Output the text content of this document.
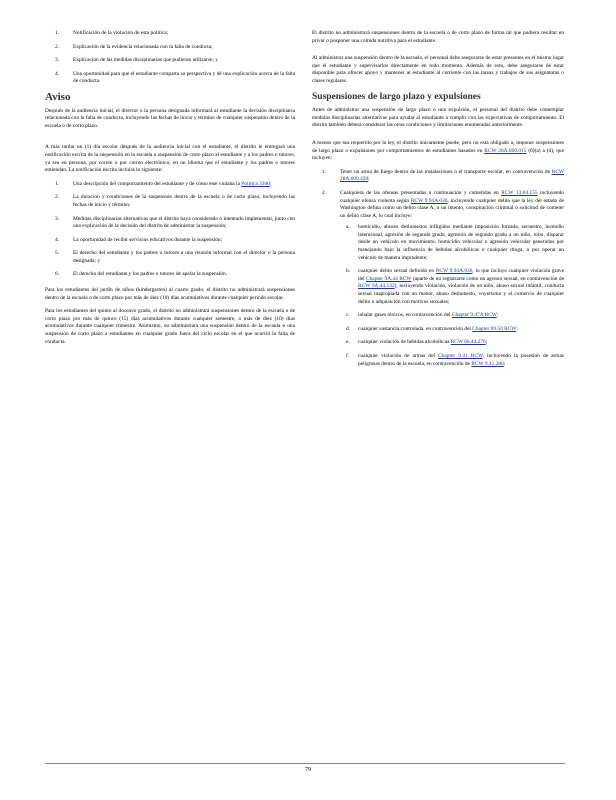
1.	Notificación de la violación de esta política;
2.	Explicación de la evidencia relacionada con la falta de conducta;
3.	Explicación de las medidas disciplinarias que pudieran utilizarse; y
4.	Una oportunidad para que el estudiante comparta su perspectiva y dé una explicación acerca de la falta de conducta.
Aviso

Después de la audiencia inicial, el director o la persona designada informará al estudiante la decisión disciplinaria relacionada con la falta de conducta, incluyendo las fechas de inicio y término de cualquier suspensión dentro de la escuela o de corto plazo.

A más tardar un (1) día escolar después de la audiencia inicial con el estudiante, el distrito le entregará una notificación escrita de la suspensión en la escuela o suspensión de corto plazo al estudiante y a los padres o tutores, ya sea en persona, por correo o por correo electrónico, en un idioma que el estudiante y los padres o tutores entiendan. La notificación escrita incluirá lo siguiente:

1.	Una descripción del comportamiento del estudiante y de cómo este violaba la Política 3300;
2.	La duración y condiciones de la suspensión dentro de la escuela o de corto plazo, incluyendo las fechas de inicio y término;
3.	Medidas disciplinarias alternativas que el distrito haya considerado o intentado implementar, junto con una explicación de la decisión del distrito de administrar la suspensión;
4.	La oportunidad de recibir servicios educativos durante la suspensión;
5.	El derecho del estudiante y los padres o tutores a una reunión informal con el director o la persona designada; y
6.	El derecho del estudiante y los padres o tutores de apelar la suspensión.

Para los estudiantes del jardín de niños (kindergarten) al cuarto grado, el distrito no administrará suspensiones dentro de la escuela o de corto plazo por más de diez (10) días acumulativos durante cualquier periodo escolar.

Para los estudiantes del quinto al doceavo grado, el distrito no administrará suspensiones dentro de la escuela o de corto plazo por más de quince (15) días acumulativos durante cualquier semestre, o más de diez (10) días acumulativos durante cualquier trimestre. Asimismo, no administrará una suspensión dentro de la escuela o una suspensión de corto plazo a estudiantes en cualquier grado fuera del ciclo escolar en el que ocurrió la falta de conducta.

El distrito no administrará suspensiones dentro de la escuela o de corto plazo de forma tal que pudiera resultar en privar o posponer una comida nutritiva para el estudiante.

Al administrar una suspensión dentro de la escuela, el personal debe asegurarse de estar presentes en el mismo lugar que el estudiante y supervisarlos directamente en todo momento. Además de esto, debe asegurarse de estar disponible para ofrecer apoyo y mantener al estudiante al corriente con las tareas y trabajos de sus asignaturas o clases regulares.

Suspensiones de largo plazo y expulsiones

Antes de administrar una suspensión de largo plazo o una expulsión, el personal del distrito debe contemplar medidas disciplinarias alternativas para ayudar al estudiante a cumplir con las expectativas de comportamiento. El distrito también deberá considerar las otras condiciones y limitaciones enumeradas anteriormente.

A menos que sea requerido por la ley, el distrito únicamente puede, pero no está obligado a, imponer suspensiones de largo plazo o expulsiones por comportamientos de estudiantes basados en RCW 28A.600.015 (6)(a) a (d), que incluyen:

1.	Tener un arma de fuego dentro de las instalaciones o el transporte escolar, en contravención de RCW 28A.600.420;
2.	Cualquiera de las ofensas presentadas a continuación y cometidas en RCW 13.04.155 incluyendo cualquier ofensa violenta según RCW 9.94A.030, incluyendo cualquier delito que la ley del estado de Washington defina como un delito clase A, o un intento, conspiración criminal o solicitud de cometer un delito clase A, lo cual incluye:
a. homicidio, abusos deshonestos infligidos mediante imposición forzada, secuestro, incendio intencional, agresión de segundo grado, agresión de segundo grado a un niño, robo, disparar desde un vehículo en movimiento, homicidio vehicular o agresión vehicular generados por manejando bajo la influencia de bebidas alcohólicas o cualquier droga, o por operar un vehículo de manera imprudente;
b. cualquier delito sexual definido en RCW 9.94A.030, lo que incluye cualquier violación grave del Chapter 9A.44 RCW (aparte de no registrarse como un agresor sexual, en contravención de RCW 9A.44.132), incluyendo violación, violación de un niño, abuso sexual infantil, conducta sexual inapropiada con un menor, abuso deshonesto, voyerismo y el comercio de cualquier delito o adquisición con motivos sexuales;
c. inhalar gases tóxicos, en contravención del Chapter 9.47A RCW;
d. cualquier sustancia controlada, en contravención del Chapter 69.50 RCW;
e. cualquier violación de bebidas alcohólicas RCW 66.44.270;
f. cualquier violación de armas del Chapter 9.41 RCW, incluyendo la posesión de armas peligrosas dentro de la escuela, en contravención de RCW 9.41.280;
79
